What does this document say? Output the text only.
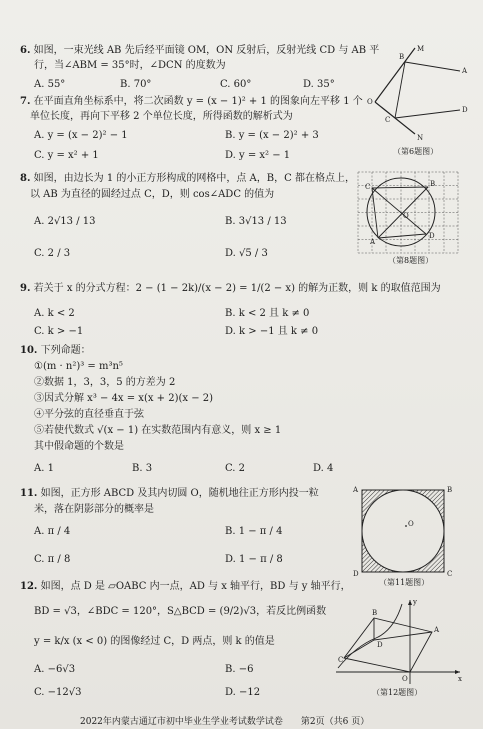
6. 如图，一束光线 AB 先后经平面镜 OM，ON 反射后，反射光线 CD 与 AB 平
行，当∠ABM = 35°时，∠DCN 的度数为
A. 55°	B. 70°	C. 60°	D. 35°
M
B
A
O
D
C
N
（第6题图）
7. 在平面直角坐标系中，将二次函数 y = (x − 1)² + 1 的图象向左平移 1 个
单位长度，再向下平移 2 个单位长度，所得函数的解析式为
A. y = (x − 2)² − 1	B. y = (x − 2)² + 3
C. y = x² + 1	D. y = x² − 1
8. 如图，由边长为 1 的小正方形构成的网格中，点 A，B，C 都在格点上，
以 AB 为直径的圆经过点 C，D，则 cos∠ADC 的值为
A. 2√13 / 13	B. 3√13 / 13
C. 2 / 3	D. √5 / 3
C	B
D
O
A
（第8题图）
9. 若关于 x 的分式方程：2 − (1 − 2k)/(x − 2) = 1/(2 − x) 的解为正数，则 k 的取值范围为
A. k < 2	B. k < 2 且 k ≠ 0
C. k > −1	D. k > −1 且 k ≠ 0
10. 下列命题：
①(m · n²)³ = m³n⁵
②数据 1，3，3，5 的方差为 2
③因式分解 x³ − 4x = x(x + 2)(x − 2)
④平分弦的直径垂直于弦
⑤若使代数式 √(x − 1) 在实数范围内有意义，则 x ≥ 1
其中假命题的个数是
A. 1	B. 3	C. 2	D. 4
11. 如图，正方形 ABCD 及其内切圆 O，随机地往正方形内投一粒
米，落在阴影部分的概率是
A. π / 4	B. 1 − π / 4
C. π / 8	D. 1 − π / 8
A	B
D	C
O
（第11题图）
12. 如图，点 D 是 ▱OABC 内一点，AD 与 x 轴平行，BD 与 y 轴平行，
BD = √3，∠BDC = 120°，S△BCD = (9/2)√3，若反比例函数
y = k/x (x < 0) 的图像经过 C，D 两点，则 k 的值是
A. −6√3	B. −6
C. −12√3	D. −12
B
y
A
D
C
O	x
（第12题图）
2022年内蒙古通辽市初中毕业生学业考试数学试卷　　第2页（共6 页）
